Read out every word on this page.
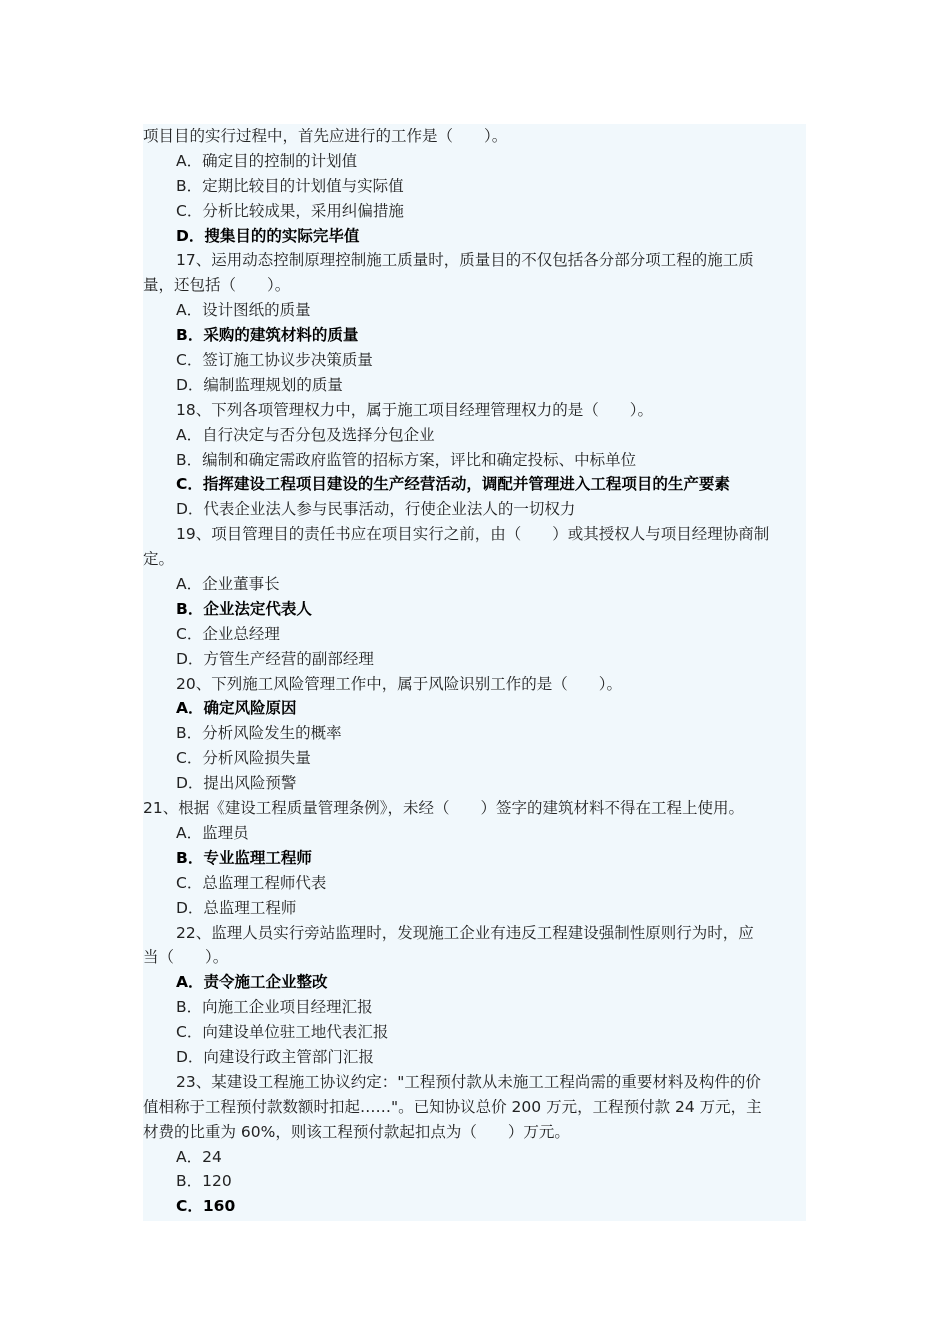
项目目的实行过程中，首先应进行的工作是（　　）。
A．确定目的控制的计划值
B．定期比较目的计划值与实际值
C．分析比较成果，采用纠偏措施
D．搜集目的的实际完毕值
17、运用动态控制原理控制施工质量时，质量目的不仅包括各分部分项工程的施工质
量，还包括（　　）。
A．设计图纸的质量
B．采购的建筑材料的质量
C．签订施工协议步决策质量
D．编制监理规划的质量
18、下列各项管理权力中，属于施工项目经理管理权力的是（　　）。
A．自行决定与否分包及选择分包企业
B．编制和确定需政府监管的招标方案，评比和确定投标、中标单位
C．指挥建设工程项目建设的生产经营活动，调配并管理进入工程项目的生产要素
D．代表企业法人参与民事活动，行使企业法人的一切权力
19、项目管理目的责任书应在项目实行之前，由（　　）或其授权人与项目经理协商制
定。
A．企业董事长
B．企业法定代表人
C．企业总经理
D．方管生产经营的副部经理
20、下列施工风险管理工作中，属于风险识别工作的是（　　）。
A．确定风险原因
B．分析风险发生的概率
C．分析风险损失量
D．提出风险预警
21、根据《建设工程质量管理条例》，未经（　　）签字的建筑材料不得在工程上使用。
A．监理员
B．专业监理工程师
C．总监理工程师代表
D．总监理工程师
22、监理人员实行旁站监理时，发现施工企业有违反工程建设强制性原则行为时，应
当（　　）。
A．责令施工企业整改
B．向施工企业项目经理汇报
C．向建设单位驻工地代表汇报
D．向建设行政主管部门汇报
23、某建设工程施工协议约定："工程预付款从未施工工程尚需的重要材料及构件的价
值相称于工程预付款数额时扣起……"。已知协议总价 200 万元，工程预付款 24 万元，主
材费的比重为 60%，则该工程预付款起扣点为（　　）万元。
A．24
B．120
C．160
